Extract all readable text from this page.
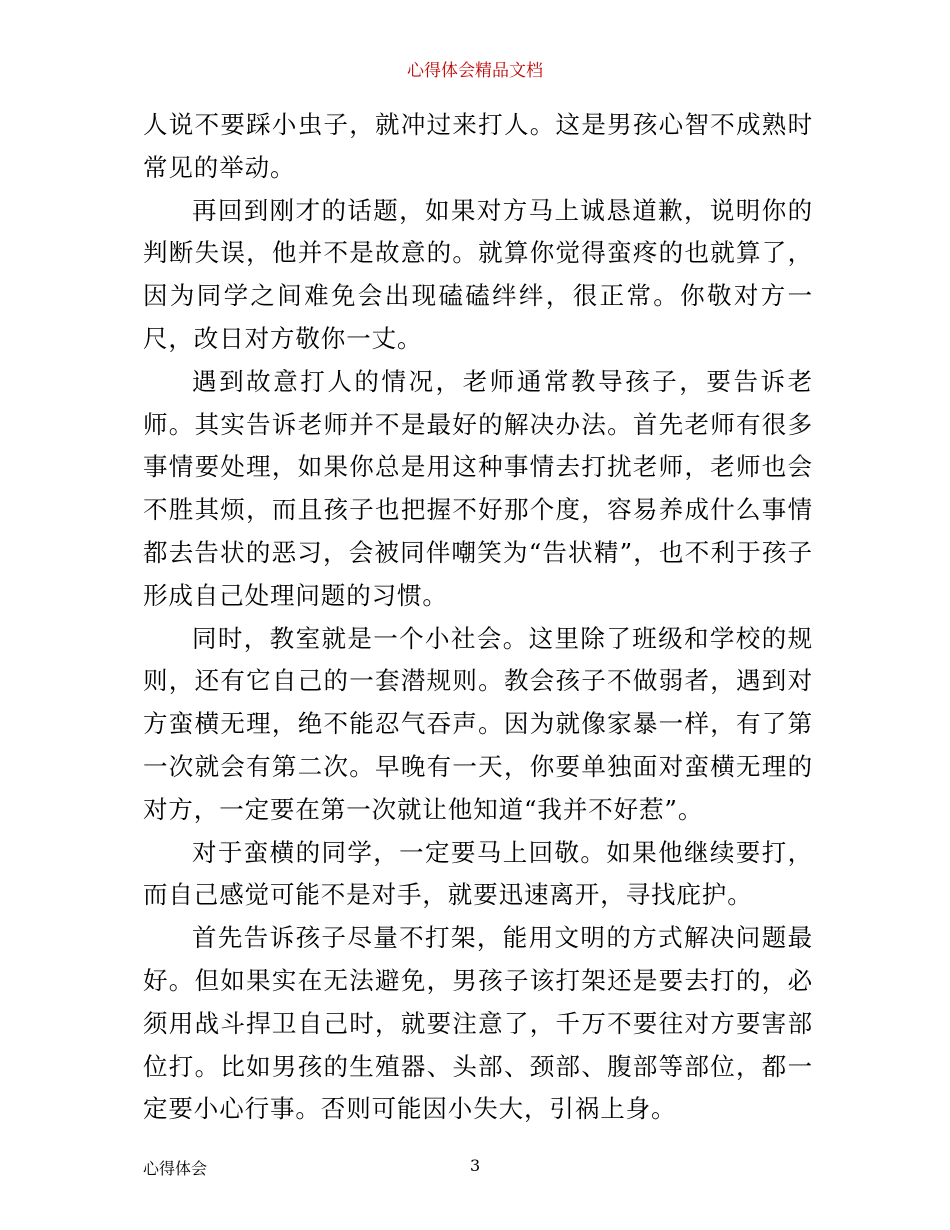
心得体会精品文档

人说不要踩小虫子，就冲过来打人。这是男孩心智不成熟时常见的举动。

再回到刚才的话题，如果对方马上诚恳道歉，说明你的判断失误，他并不是故意的。就算你觉得蛮疼的也就算了，因为同学之间难免会出现磕磕绊绊，很正常。你敬对方一尺，改日对方敬你一丈。

遇到故意打人的情况，老师通常教导孩子，要告诉老师。其实告诉老师并不是最好的解决办法。首先老师有很多事情要处理，如果你总是用这种事情去打扰老师，老师也会不胜其烦，而且孩子也把握不好那个度，容易养成什么事情都去告状的恶习，会被同伴嘲笑为“告状精”，也不利于孩子形成自己处理问题的习惯。

同时，教室就是一个小社会。这里除了班级和学校的规则，还有它自己的一套潜规则。教会孩子不做弱者，遇到对方蛮横无理，绝不能忍气吞声。因为就像家暴一样，有了第一次就会有第二次。早晚有一天，你要单独面对蛮横无理的对方，一定要在第一次就让他知道“我并不好惹”。

对于蛮横的同学，一定要马上回敬。如果他继续要打，而自己感觉可能不是对手，就要迅速离开，寻找庇护。

首先告诉孩子尽量不打架，能用文明的方式解决问题最好。但如果实在无法避免，男孩子该打架还是要去打的，必须用战斗捍卫自己时，就要注意了，千万不要往对方要害部位打。比如男孩的生殖器、头部、颈部、腹部等部位，都一定要小心行事。否则可能因小失大，引祸上身。

心得体会	3
